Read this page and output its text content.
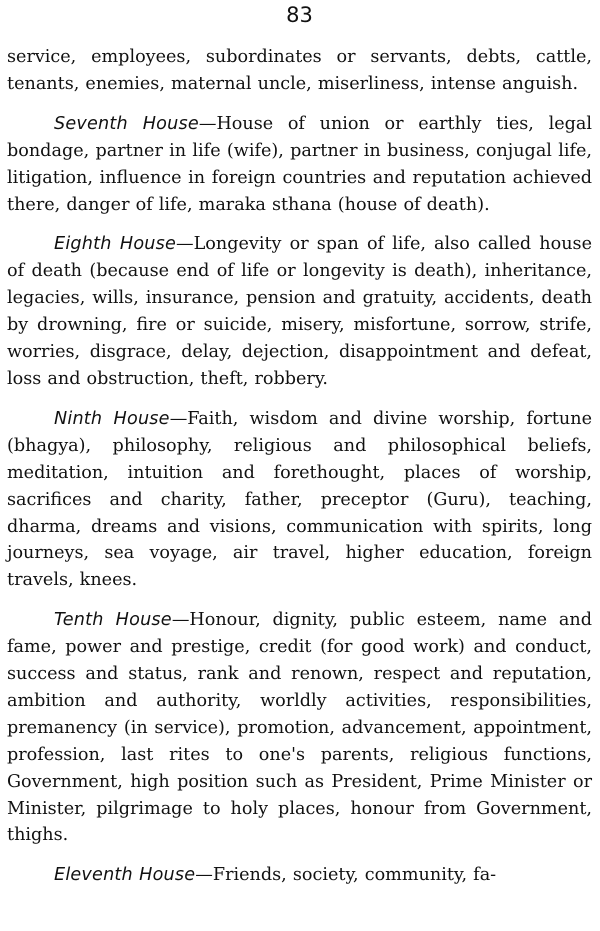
83

service, employees, subordinates or servants, debts, cattle, tenants, enemies, maternal uncle, miserliness, intense anguish.

Seventh House—House of union or earthly ties, legal bondage, partner in life (wife), partner in business, conjugal life, litigation, influence in foreign countries and reputation achieved there, danger of life, maraka sthana (house of death).

Eighth House—Longevity or span of life, also called house of death (because end of life or longevity is death), inheritance, legacies, wills, insurance, pension and gratuity, accidents, death by drowning, fire or suicide, misery, misfortune, sorrow, strife, worries, disgrace, delay, dejection, disappointment and defeat, loss and obstruction, theft, robbery.

Ninth House—Faith, wisdom and divine worship, fortune (bhagya), philosophy, religious and philosophical beliefs, meditation, intuition and forethought, places of worship, sacrifices and charity, father, preceptor (Guru), teaching, dharma, dreams and visions, communication with spirits, long journeys, sea voyage, air travel, higher education, foreign travels, knees.

Tenth House—Honour, dignity, public esteem, name and fame, power and prestige, credit (for good work) and conduct, success and status, rank and renown, respect and reputation, ambition and authority, worldly activities, responsibilities, premanency (in service), promotion, advancement, appointment, profession, last rites to one's parents, religious functions, Government, high position such as President, Prime Minister or Minister, pilgrimage to holy places, honour from Government, thighs.

Eleventh House—Friends, society, community, fa-
